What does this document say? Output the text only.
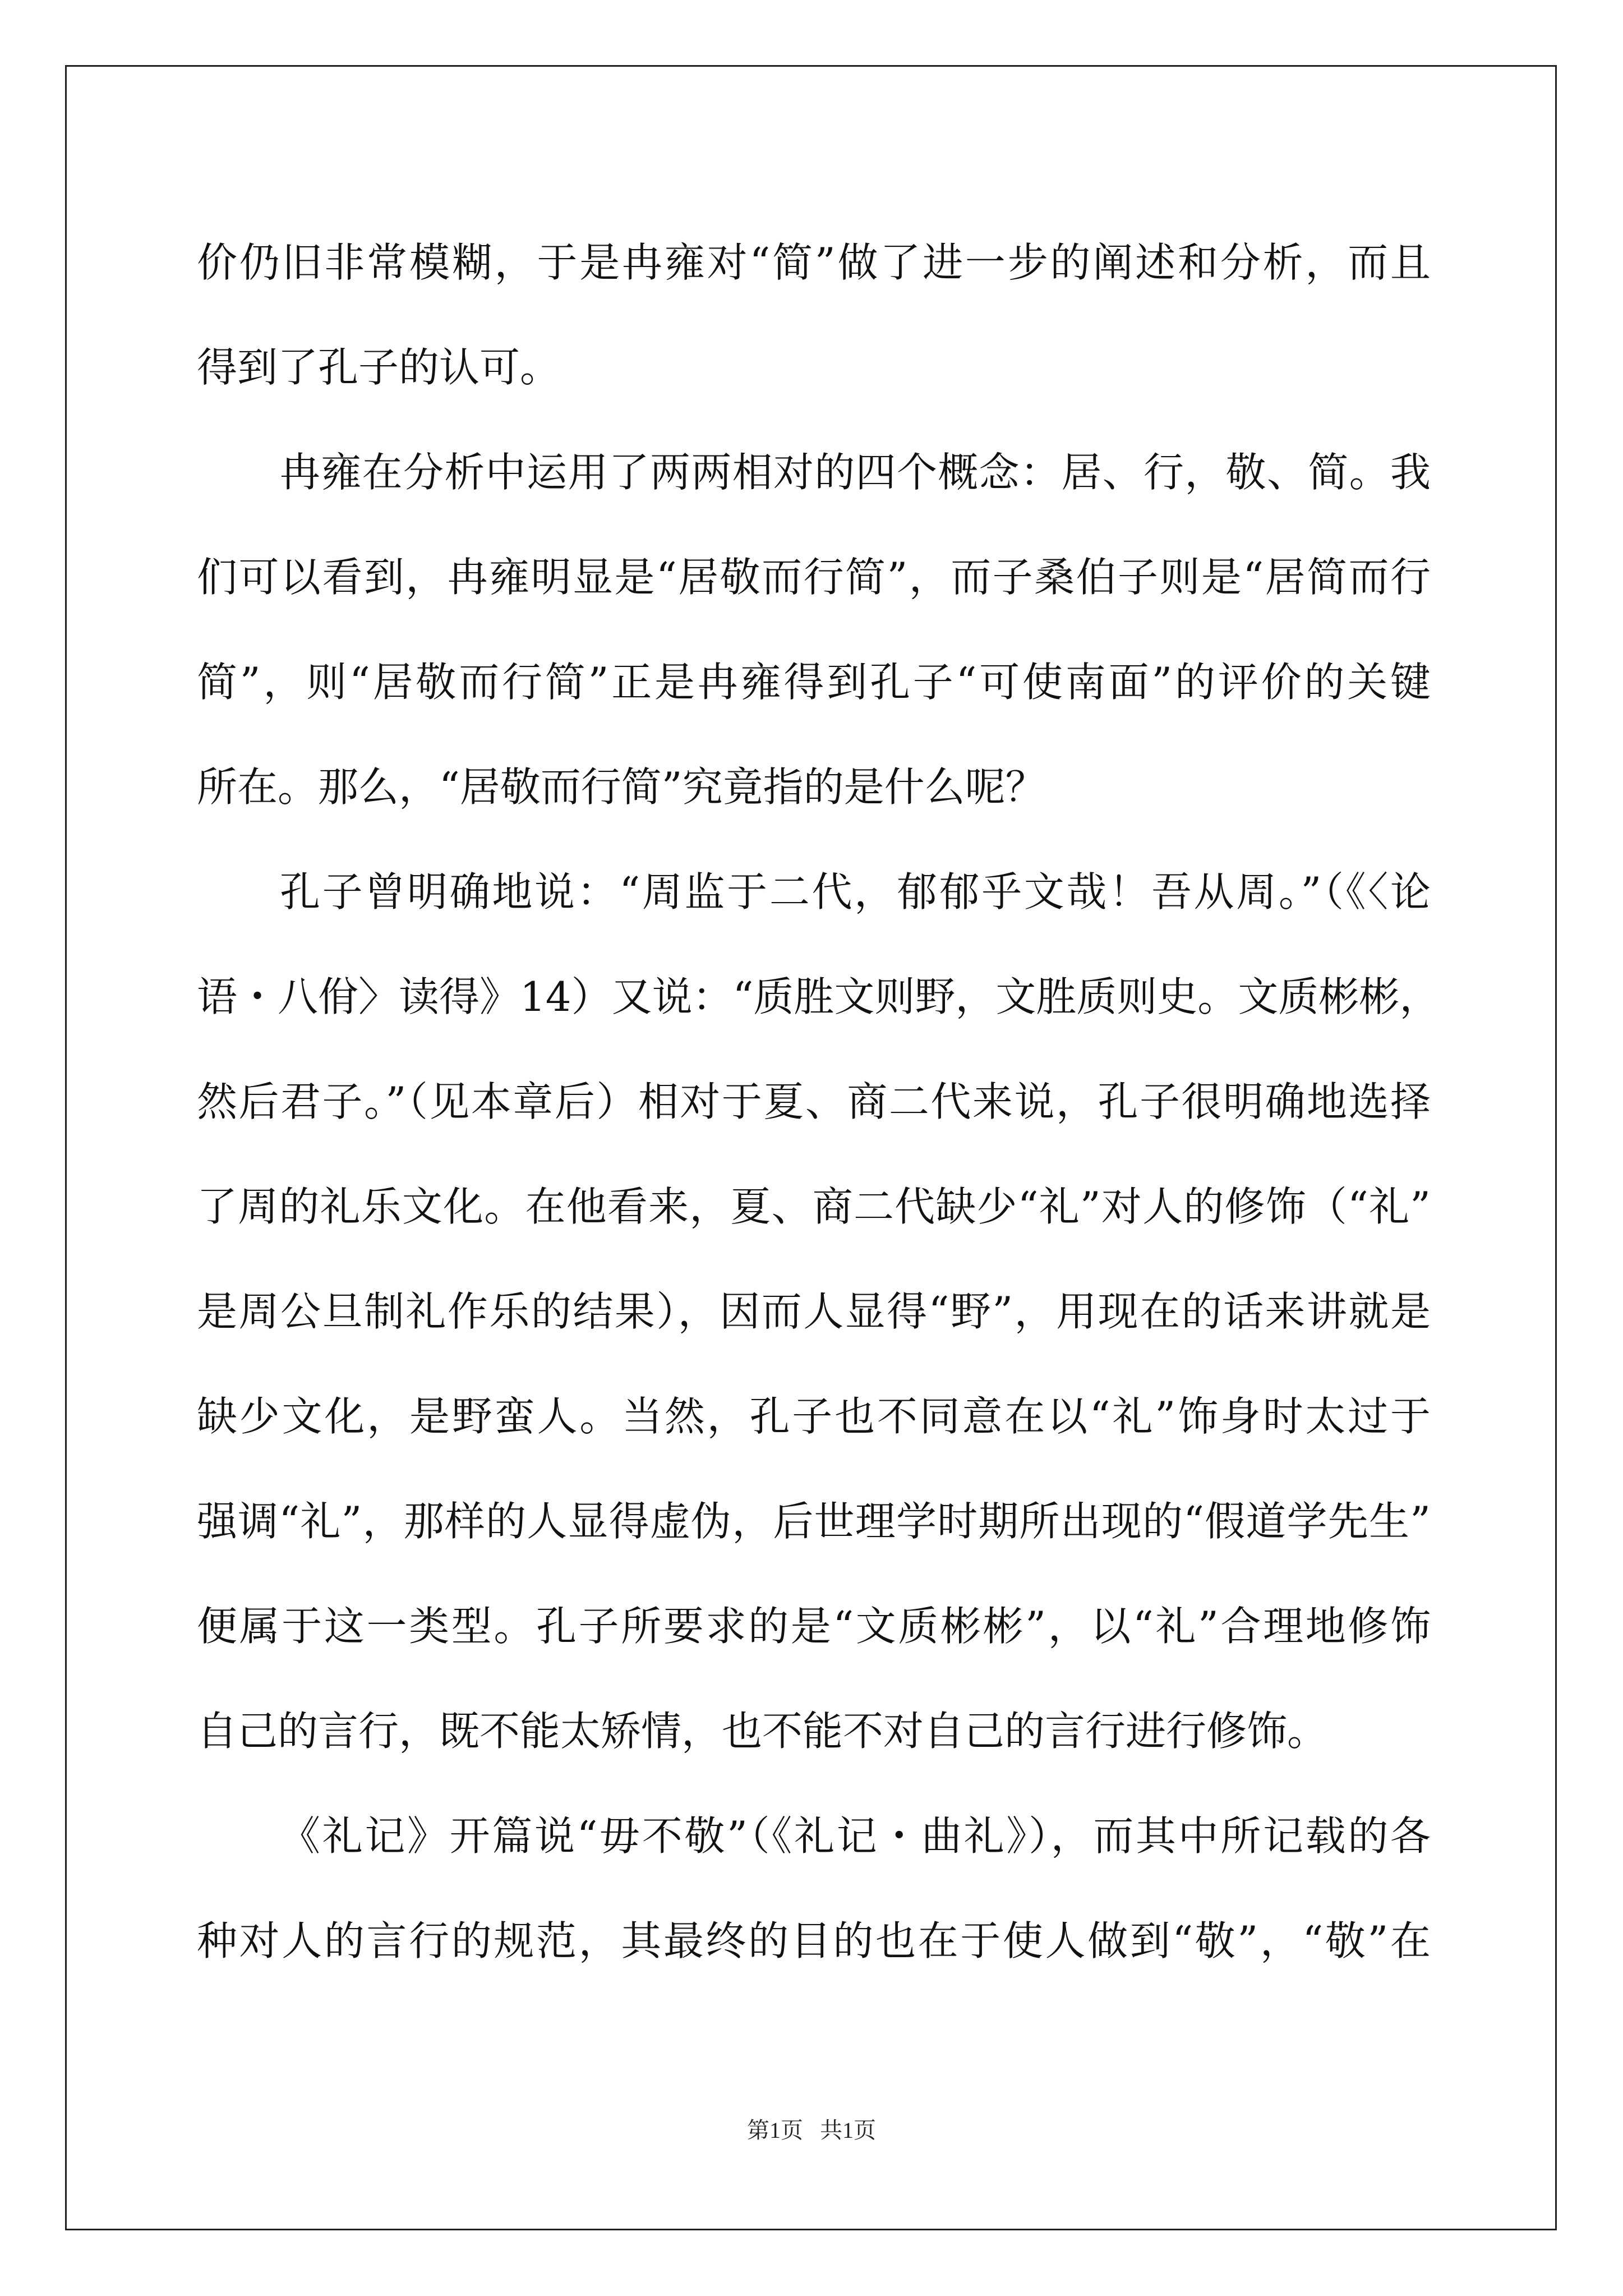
价仍旧非常模糊，于是冉雍对“简”做了进一步的阐述和分析，而且
得到了孔子的认可。
冉雍在分析中运用了两两相对的四个概念：居、行，敬、简。我
们可以看到，冉雍明显是“居敬而行简”，而子桑伯子则是“居简而行
简”，则“居敬而行简”正是冉雍得到孔子“可使南面”的评价的关键
所在。那么，“居敬而行简”究竟指的是什么呢？
孔子曾明确地说：“周监于二代，郁郁乎文哉！吾从周。”（《〈论
语・八佾〉读得》14）又说：“质胜文则野，文胜质则史。文质彬彬，
然后君子。”（见本章后）相对于夏、商二代来说，孔子很明确地选择
了周的礼乐文化。在他看来，夏、商二代缺少“礼”对人的修饰（“礼”
是周公旦制礼作乐的结果），因而人显得“野”，用现在的话来讲就是
缺少文化，是野蛮人。当然，孔子也不同意在以“礼”饰身时太过于
强调“礼”，那样的人显得虚伪，后世理学时期所出现的“假道学先生”
便属于这一类型。孔子所要求的是“文质彬彬”，以“礼”合理地修饰
自己的言行，既不能太矫情，也不能不对自己的言行进行修饰。
《礼记》开篇说“毋不敬”（《礼记・曲礼》），而其中所记载的各
种对人的言行的规范，其最终的目的也在于使人做到“敬”，“敬”在
第1页 共1页
